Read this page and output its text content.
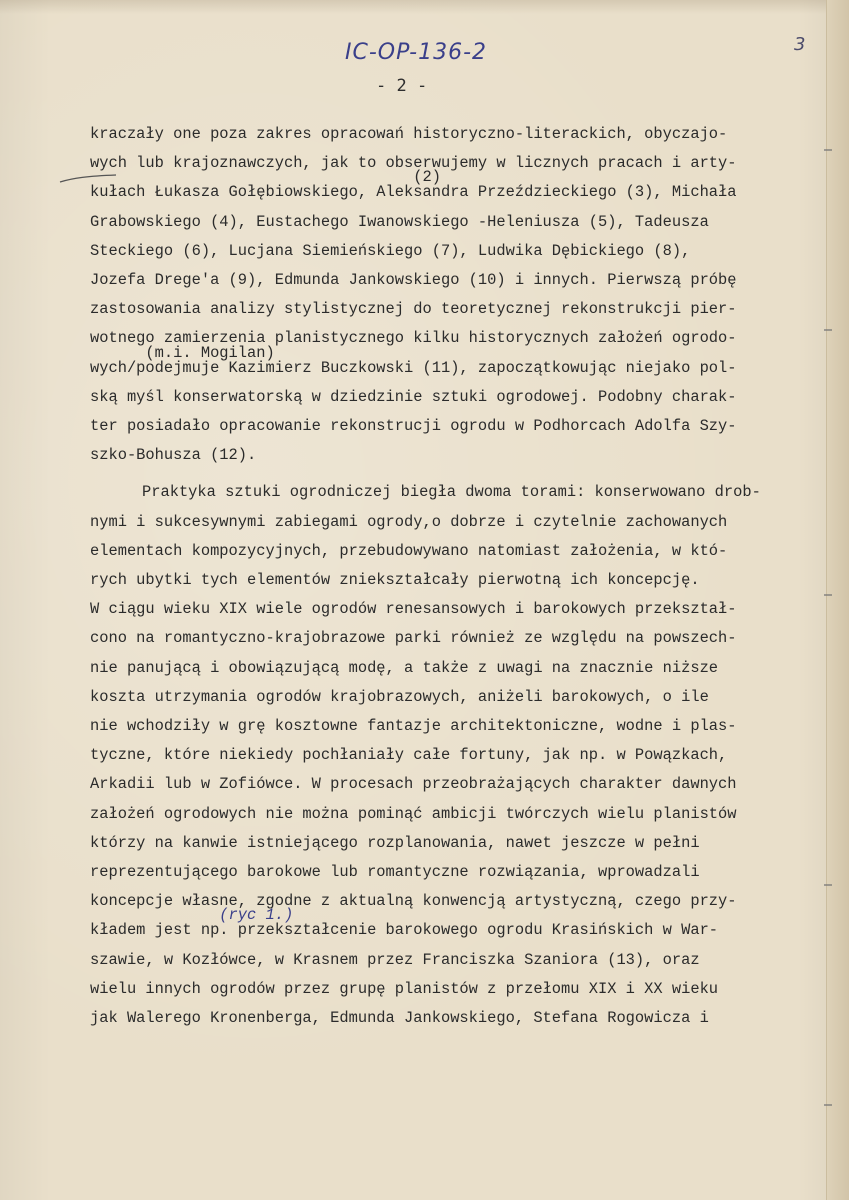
IC-OP-136-2	3
- 2 -
kraczały one poza zakres opracowań historyczno-literackich, obyczajo-
wych lub krajoznawczych, jak to obserwujemy w licznych pracach i arty-
(2)
kułach Łukasza Gołębiowskiego, Aleksandra Przeździeckiego (3), Michała
Grabowskiego (4), Eustachego Iwanowskiego -Heleniusza (5), Tadeusza
Steckiego (6), Lucjana Siemieńskiego (7), Ludwika Dębickiego (8),
Jozefa Drege'a (9), Edmunda Jankowskiego (10) i innych. Pierwszą próbę
zastosowania analizy stylistycznej do teoretycznej rekonstrukcji pier-
wotnego zamierzenia planistycznego kilku historycznych założeń ogrodo-
(m.i. Mogilan)
wych/podejmuje Kazimierz Buczkowski (11), zapoczątkowując niejako pol-
ską myśl konserwatorską w dziedzinie sztuki ogrodowej. Podobny charak-
ter posiadało opracowanie rekonstrucji ogrodu w Podhorcach Adolfa Szy-
szko-Bohusza (12).
Praktyka sztuki ogrodniczej biegła dwoma torami: konserwowano drob-
nymi i sukcesywnymi zabiegami ogrody,o dobrze i czytelnie zachowanych
elementach kompozycyjnych, przebudowywano natomiast założenia, w któ-
rych ubytki tych elementów zniekształcały pierwotną ich koncepcję.
W ciągu wieku XIX wiele ogrodów renesansowych i barokowych przekształ-
cono na romantyczno-krajobrazowe parki również ze względu na powszech-
nie panującą i obowiązującą modę, a także z uwagi na znacznie niższe
koszta utrzymania ogrodów krajobrazowych, aniżeli barokowych, o ile
nie wchodziły w grę kosztowne fantazje architektoniczne, wodne i plas-
tyczne, które niekiedy pochłaniały całe fortuny, jak np. w Powązkach,
Arkadii lub w Zofiówce. W procesach przeobrażających charakter dawnych
założeń ogrodowych nie można pominąć ambicji twórczych wielu planistów
którzy na kanwie istniejącego rozplanowania, nawet jeszcze w pełni
reprezentującego barokowe lub romantyczne rozwiązania, wprowadzali
koncepcje własne, zgodne z aktualną konwencją artystyczną, czego przy-
(ryc 1.)
kładem jest np. przekształcenie barokowego ogrodu Krasińskich w War-
szawie, w Kozłówce, w Krasnem przez Franciszka Szaniora (13), oraz
wielu innych ogrodów przez grupę planistów z przełomu XIX i XX wieku
jak Walerego Kronenberga, Edmunda Jankowskiego, Stefana Rogowicza i
